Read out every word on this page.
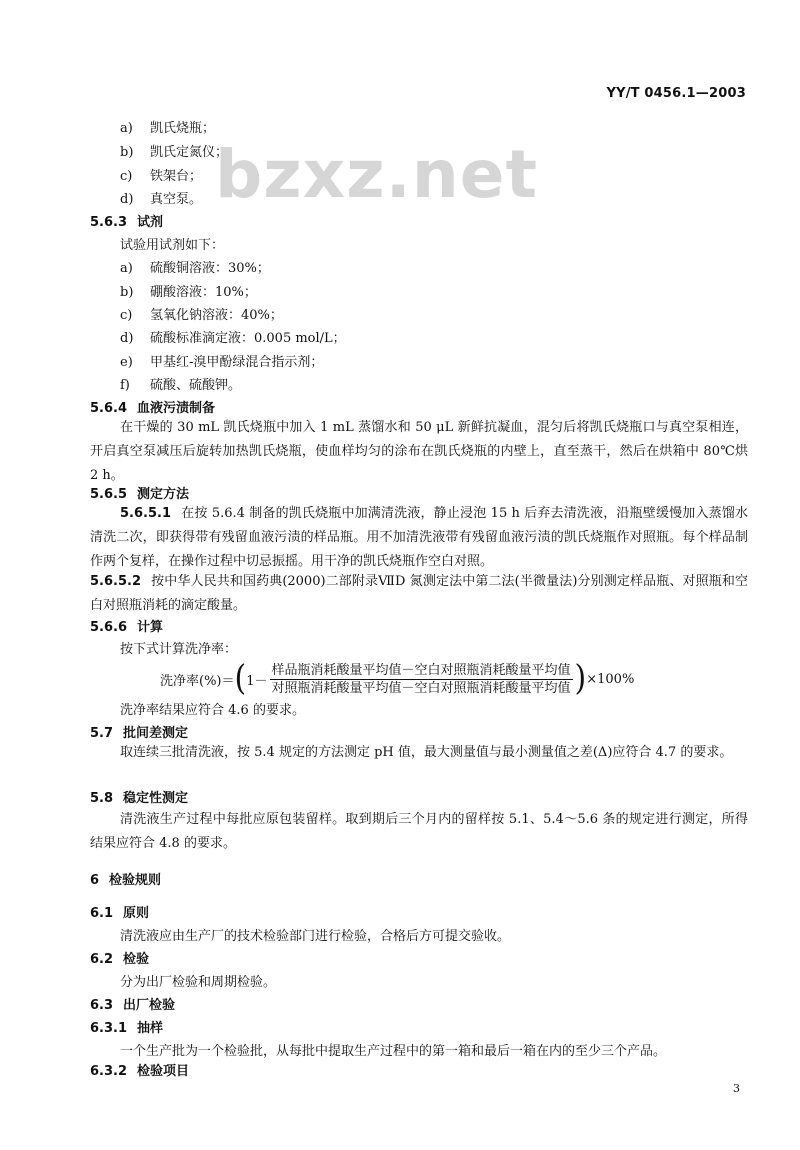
YY/T 0456.1—2003
bzxz.net
a) 凯氏烧瓶；
b) 凯氏定氮仪；
c) 铁架台；
d) 真空泵。
5.6.3 试剂
试验用试剂如下：
a) 硫酸铜溶液：30%；
b) 硼酸溶液：10%；
c) 氢氧化钠溶液：40%；
d) 硫酸标准滴定液：0.005 mol/L；
e) 甲基红-溴甲酚绿混合指示剂；
f) 硫酸、硫酸钾。
5.6.4 血液污渍制备
在干燥的 30 mL 凯氏烧瓶中加入 1 mL 蒸馏水和 50 μL 新鲜抗凝血，混匀后将凯氏烧瓶口与真空泵相连，开启真空泵减压后旋转加热凯氏烧瓶，使血样均匀的涂布在凯氏烧瓶的内壁上，直至蒸干，然后在烘箱中 80℃烘 2 h。
5.6.5 测定方法
5.6.5.1 在按 5.6.4 制备的凯氏烧瓶中加满清洗液，静止浸泡 15 h 后弃去清洗液，沿瓶壁缓慢加入蒸馏水清洗二次，即获得带有残留血液污渍的样品瓶。用不加清洗液带有残留血液污渍的凯氏烧瓶作对照瓶。每个样品制作两个复样，在操作过程中切忌振摇。用干净的凯氏烧瓶作空白对照。
5.6.5.2 按中华人民共和国药典(2000)二部附录ⅦD 氮测定法中第二法(半微量法)分别测定样品瓶、对照瓶和空白对照瓶消耗的滴定酸量。
5.6.6 计算
按下式计算洗净率：
洗净率(%)＝ ( $1- \frac{\text{样品瓶消耗酸量平均值－空白对照瓶消耗酸量平均值}}{\text{对照瓶消耗酸量平均值－空白对照瓶消耗酸量平均值}}$ ) ×100%
洗净率结果应符合 4.6 的要求。
5.7 批间差测定
取连续三批清洗液，按 5.4 规定的方法测定 pH 值，最大测量值与最小测量值之差(Δ)应符合 4.7 的要求。
5.8 稳定性测定
清洗液生产过程中每批应原包装留样。取到期后三个月内的留样按 5.1、5.4～5.6 条的规定进行测定，所得结果应符合 4.8 的要求。
6 检验规则
6.1 原则
清洗液应由生产厂的技术检验部门进行检验，合格后方可提交验收。
6.2 检验
分为出厂检验和周期检验。
6.3 出厂检验
6.3.1 抽样
一个生产批为一个检验批，从每批中提取生产过程中的第一箱和最后一箱在内的至少三个产品。
6.3.2 检验项目
3
